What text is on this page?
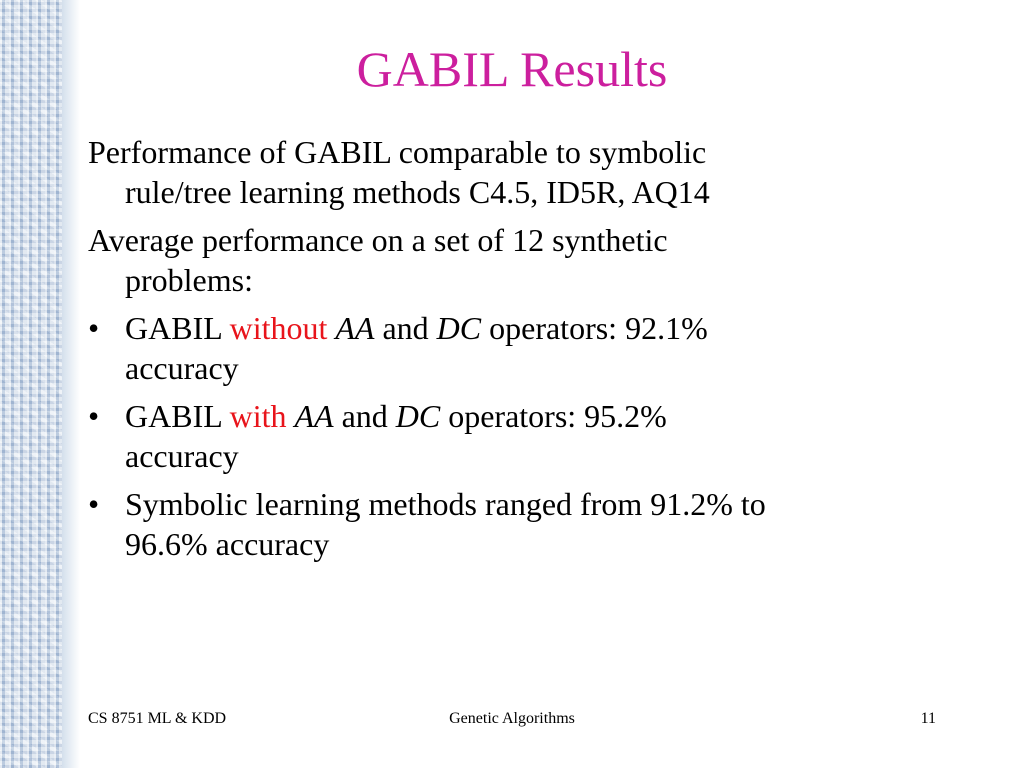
GABIL Results
Performance of GABIL comparable to symbolic
rule/tree learning methods C4.5, ID5R, AQ14
Average performance on a set of 12 synthetic
problems:
• GABIL without AA and DC operators: 92.1%
accuracy
• GABIL with AA and DC operators: 95.2%
accuracy
• Symbolic learning methods ranged from 91.2% to
96.6% accuracy
CS 8751 ML & KDD	Genetic Algorithms	11
